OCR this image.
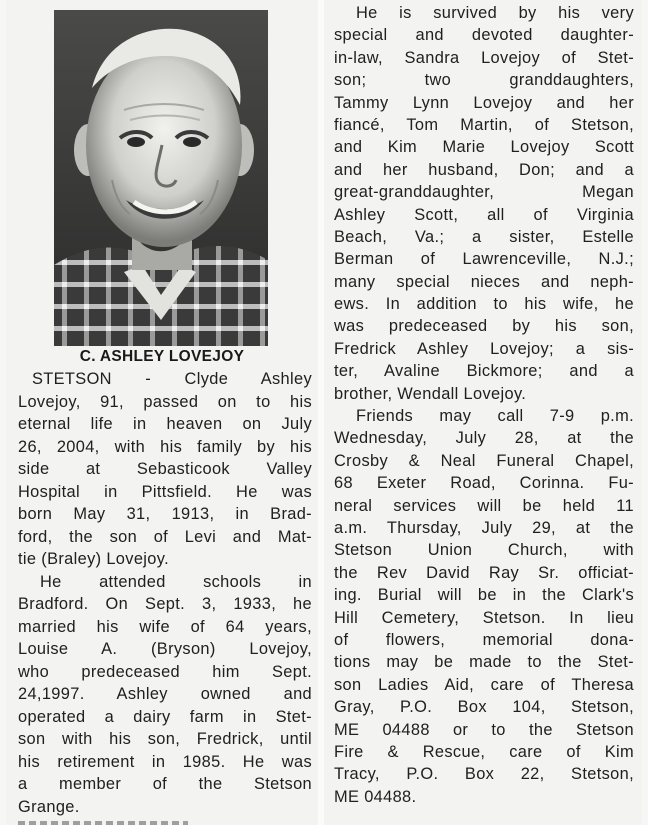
C. ASHLEY LOVEJOY
STETSON - Clyde Ashley
Lovejoy, 91, passed on to his
eternal life in heaven on July
26, 2004, with his family by his
side at Sebasticook Valley
Hospital in Pittsfield. He was
born May 31, 1913, in Brad-
ford, the son of Levi and Mat-
tie (Braley) Lovejoy.
He attended schools in
Bradford. On Sept. 3, 1933, he
married his wife of 64 years,
Louise A. (Bryson) Lovejoy,
who predeceased him Sept.
24,1997. Ashley owned and
operated a dairy farm in Stet-
son with his son, Fredrick, until
his retirement in 1985. He was
a member of the Stetson
Grange.
He is survived by his very
special and devoted daughter-
in-law, Sandra Lovejoy of Stet-
son; two granddaughters,
Tammy Lynn Lovejoy and her
fiancé, Tom Martin, of Stetson,
and Kim Marie Lovejoy Scott
and her husband, Don; and a
great-granddaughter, Megan
Ashley Scott, all of Virginia
Beach, Va.; a sister, Estelle
Berman of Lawrenceville, N.J.;
many special nieces and neph-
ews. In addition to his wife, he
was predeceased by his son,
Fredrick Ashley Lovejoy; a sis-
ter, Avaline Bickmore; and a
brother, Wendall Lovejoy.
Friends may call 7-9 p.m.
Wednesday, July 28, at the
Crosby & Neal Funeral Chapel,
68 Exeter Road, Corinna. Fu-
neral services will be held 11
a.m. Thursday, July 29, at the
Stetson Union Church, with
the Rev David Ray Sr. officiat-
ing. Burial will be in the Clark's
Hill Cemetery, Stetson. In lieu
of flowers, memorial dona-
tions may be made to the Stet-
son Ladies Aid, care of Theresa
Gray, P.O. Box 104, Stetson,
ME 04488 or to the Stetson
Fire & Rescue, care of Kim
Tracy, P.O. Box 22, Stetson,
ME 04488.
